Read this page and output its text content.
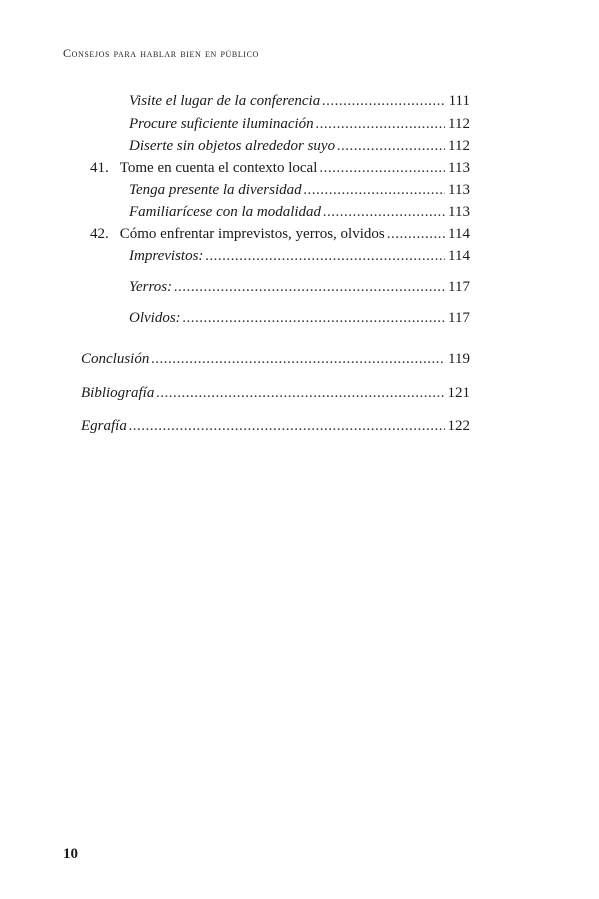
Consejos para hablar bien en público
Visite el lugar de la conferencia .....	111
Procure suficiente iluminación .....	112
Diserte sin objetos alrededor suyo .....	112
41. Tome en cuenta el contexto local .....	113
Tenga presente la diversidad .....	113
Familiarícese con la modalidad .....	113
42. Cómo enfrentar imprevistos, yerros, olvidos .....	114
Imprevistos: .....	114
Yerros: .....	117
Olvidos: .....	117
Conclusión .....	119
Bibliografía .....	121
Egrafía .....	122
10
